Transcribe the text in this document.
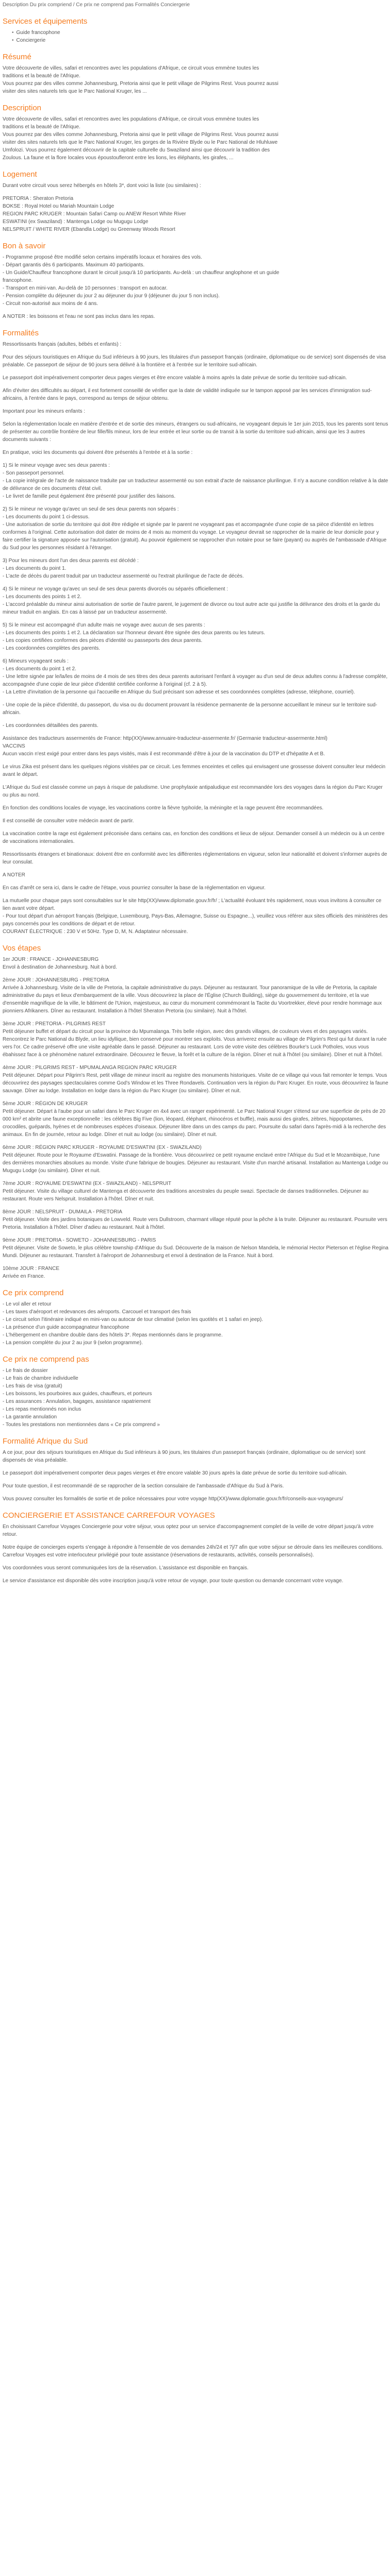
Description Du prix compriend / Ce prix ne comprend pas Formalités Conciergerie
Services et équipements
• Guide francophone
• Conciergerie
Résumé

Votre découverte de villes, safari et rencontres avec les populations d'Afrique, ce circuit vous emmène toutes les
traditions et la beauté de l'Afrique.
Vous pourrez par des villes comme Johannesburg, Pretoria ainsi que le petit village de Pilgrims Rest. Vous pourrez aussi
visiter des sites naturels tels que le Parc National Kruger, les ...

Description

Votre découverte de villes, safari et rencontres avec les populations d'Afrique, ce circuit vous emmène toutes les
traditions et la beauté de l'Afrique.
Vous pourrez par des villes comme Johannesburg, Pretoria ainsi que le petit village de Pilgrims Rest. Vous pourrez aussi
visiter des sites naturels tels que le Parc National Kruger, les gorges de la Rivière Blyde ou le Parc National de Hluhluwe
Umfolozi. Vous pourrez également découvrir de la capitale culturelle du Swaziland ainsi que découvrir la tradition des
Zoulous. La faune et la flore locales vous époustoufleront entre les lions, les éléphants, les girafes, ...

Logement

Durant votre circuit vous serez hébergés en hôtels 3*, dont voici la liste (ou similaires) :

PRETORIA : Sheraton Pretoria
BOKSE : Royal Hotel ou Mariah Mountain Lodge
REGION PARC KRUGER : Mountain Safari Camp ou ANEW Resort White River
ESWATINI (ex Swaziland) : Mantenga Lodge ou Mugugu Lodge
NELSPRUIT / WHITE RIVER (Ebandla Lodge) ou Greenway Woods Resort

Bon à savoir

- Programme proposé être modifié selon certains impératifs locaux et horaires des vols.
- Départ garantis dès 6 participants. Maximum 40 participants.
- Un Guide/Chauffeur francophone durant le circuit jusqu'à 10 participants. Au-delà : un chauffeur anglophone et un guide
francophone.
- Transport en mini-van. Au-delà de 10 personnes : transport en autocar.
- Pension complète du déjeuner du jour 2 au déjeuner du jour 9 (déjeuner du jour 5 non inclus).
- Circuit non-autorisé aux moins de 4 ans.

A NOTER : les boissons et l'eau ne sont pas inclus dans les repas.

Formalités

Ressortissants français (adultes, bébés et enfants) :

Pour des séjours touristiques en Afrique du Sud inférieurs à 90 jours, les titulaires d'un passeport français (ordinaire, diplomatique ou de service) sont dispensés de visa préalable. Ce passeport de séjour de 90 jours sera délivré à la frontière et à l'entrée sur le territoire sud-africain.

Le passeport doit impérativement comporter deux pages vierges et être encore valable à moins après la date prévue de sortie du territoire sud-africain.

Afin d'éviter des difficultés au départ, il est fortement conseillé de vérifier que la date de validité indiquée sur le tampon apposé par les services d'immigration sud-africains, à l'entrée dans le pays, correspond au temps de séjour obtenu.

Important pour les mineurs enfants :

Selon la réglementation locale en matière d'entrée et de sortie des mineurs, étrangers ou sud-africains, ne voyageant depuis le 1er juin 2015, tous les parents sont tenus de présenter au contrôle frontière de leur fille/fils mineur, lors de leur entrée et leur sortie ou de transit à la sortie du territoire sud-africain, ainsi que les 3 autres documents suivants :

En pratique, voici les documents qui doivent être présentés à l'entrée et à la sortie :

1) Si le mineur voyage avec ses deux parents :

- Son passeport personnel.

- La copie intégrale de l'acte de naissance traduite par un traducteur assermenté ou son extrait d'acte de naissance plurilingue. Il n'y a aucune condition relative à la date de délivrance de ces documents d'état civil.

- Le livret de famille peut également être présenté pour justifier des liaisons.

2) Si le mineur ne voyage qu'avec un seul de ses deux parents non séparés :

- Les documents du point 1 ci-dessus.

- Une autorisation de sortie du territoire qui doit être rédigée et signée par le parent ne voyageant pas et accompagnée d'une copie de sa pièce d'identité en lettres conformes à l'original. Cette autorisation doit dater de moins de 4 mois au moment du voyage. Le voyageur devrait se rapprocher de la mairie de leur domicile pour y faire certifier la signature apposée sur l'autorisation (gratuit). Au pouvoir également se rapprocher d'un notaire pour se faire (payant) ou auprès de l'ambassade d'Afrique du Sud pour les personnes résidant à l'étranger.

3) Pour les mineurs dont l'un des deux parents est décédé :

- Les documents du point 1.

- L'acte de décès du parent traduit par un traducteur assermenté ou l'extrait plurilingue de l'acte de décès.

4) Si le mineur ne voyage qu'avec un seul de ses deux parents divorcés ou séparés officiellement :

- Les documents des points 1 et 2.

- L'accord préalable du mineur ainsi autorisation de sortie de l'autre parent, le jugement de divorce ou tout autre acte qui justifie la délivrance des droits et la garde du mineur traduit en anglais. En cas à laissé par un traducteur assermenté.

5) Si le mineur est accompagné d'un adulte mais ne voyage avec aucun de ses parents :

- Les documents des points 1 et 2. La déclaration sur l'honneur devant être signée des deux parents ou les tuteurs.

- Les copies certifiées conformes des pièces d'identité ou passeports des deux parents.

- Les coordonnées complètes des parents.

6) Mineurs voyageant seuls :

- Les documents du point 1 et 2.

- Une lettre signée par le/la/les de moins de 4 mois de ses titres des deux parents autorisant l'enfant à voyager au d'un seul de deux adultes connu à l'adresse complète, accompagnée d'une copie de leur pièce d'identité certifiée conforme à l'original (cf. 2 à 5).

- La Lettre d'invitation de la personne qui l'accueille en Afrique du Sud précisant son adresse et ses coordonnées complètes (adresse, téléphone, courriel).

- Une copie de la pièce d'identité, du passeport, du visa ou du document prouvant la résidence permanente de la personne accueillant le mineur sur le territoire sud-africain.

- Les coordonnées détaillées des parents.

Assistance des traducteurs assermentés de France: http(XX)/www.annuaire-traducteur-assermente.fr/ (Germanie traducteur-assermente.html)

VACCINS

Aucun vaccin n'est exigé pour entrer dans les pays visités, mais il est recommandé d'être à jour de la vaccination du DTP et d'hépatite A et B.

Le virus Zika est présent dans les quelques régions visitées par ce circuit. Les femmes enceintes et celles qui envisagent une grossesse doivent consulter leur médecin avant le départ.

L'Afrique du Sud est classée comme un pays à risque de paludisme. Une prophylaxie antipaludique est recommandée lors des voyages dans la région du Parc Kruger ou plus au nord.

En fonction des conditions locales de voyage, les vaccinations contre la fièvre typhoïde, la méningite et la rage peuvent être recommandées.

Il est conseillé de consulter votre médecin avant de partir.

La vaccination contre la rage est également préconisée dans certains cas, en fonction des conditions et lieux de séjour. Demander conseil à un médecin ou à un centre de vaccinations internationales.

Ressortissants étrangers et binationaux: doivent être en conformité avec les différentes réglementations en vigueur, selon leur nationalité et doivent s'informer auprès de leur consulat.

A NOTER

En cas d'arrêt ce sera ici, dans le cadre de l'étape, vous pourriez consulter la base de la réglementation en vigueur.

La mutuelle pour chaque pays sont consultables sur le site http(XX)/www.diplomatie.gouv.fr/fr/ ; L'actualité évoluant très rapidement, nous vous invitons à consulter ce lien avant votre départ.

- Pour tout départ d'un aéroport français (Belgique, Luxembourg, Pays-Bas, Allemagne, Suisse ou Espagne...), veuillez vous référer aux sites officiels des ministères des pays concernés pour les conditions de départ et de retour.

COURANT ÉLECTRIQUE : 230 V et 50Hz. Type D, M, N. Adaptateur nécessaire.

Vos étapes

1er JOUR : FRANCE - JOHANNESBURG

Envol à destination de Johannesburg. Nuit à bord.

2ème JOUR : JOHANNESBURG - PRETORIA

Arrivée à Johannesburg. Visite de la ville de Pretoria, la capitale administrative du pays. Déjeuner au restaurant. Tour panoramique de la ville de Pretoria, la capitale administrative du pays et lieux d'embarquement de la ville. Vous découvrirez la place de l'Église (Church Building), siège du gouvernement du territoire, et la vue d'ensemble magnifique de la ville, le bâtiment de l'Union, majestueux, au cœur du monument commémorant la Tacite du Voortrekker, élevé pour rendre hommage aux pionniers Afrikaners. Dîner au restaurant. Installation à l'hôtel Sheraton Pretoria (ou similaire). Nuit à l'hôtel.

3ème JOUR : PRETORIA - PILGRIMS REST

Petit déjeuner buffet et départ du circuit pour la province du Mpumalanga. Très belle région, avec des grands villages, de couleurs vives et des paysages variés. Rencontrez le Parc National du Blyde, un lieu idyllique, bien conservé pour montrer ses exploits. Vous arriverez ensuite au village de Pilgrim's Rest qui fut durant la ruée vers l'or. Ce cadre préservé offre une visite agréable dans le passé. Déjeuner au restaurant. Lors de votre visite des célèbres Bourke's Luck Potholes, vous vous ébahissez face à ce phénomène naturel extraordinaire. Découvrez le fleuve, la forêt et la culture de la région. Dîner et nuit à l'hôtel (ou similaire). Dîner et nuit à l'hôtel.

4ème JOUR : PILGRIMS REST - MPUMALANGA REGION PARC KRUGER

Petit déjeuner. Départ pour Pilgrim's Rest, petit village de mineur inscrit au registre des monuments historiques. Visite de ce village qui vous fait remonter le temps. Vous découvrirez des paysages spectaculaires comme God's Window et les Three Rondavels. Continuation vers la région du Parc Kruger. En route, vous découvrirez la faune sauvage. Dîner au lodge. Installation en lodge dans la région du Parc Kruger (ou similaire). Dîner et nuit.

5ème JOUR : RÉGION DE KRUGER

Petit déjeuner. Départ à l'aube pour un safari dans le Parc Kruger en 4x4 avec un ranger expérimenté. Le Parc National Kruger s'étend sur une superficie de près de 20 000 km² et abrite une faune exceptionnelle : les célèbres Big Five (lion, léopard, éléphant, rhinocéros et buffle), mais aussi des girafes, zèbres, hippopotames, crocodiles, guépards, hyènes et de nombreuses espèces d'oiseaux. Déjeuner libre dans un des camps du parc. Poursuite du safari dans l'après-midi à la recherche des animaux. En fin de journée, retour au lodge. Dîner et nuit au lodge (ou similaire). Dîner et nuit.

6ème JOUR : RÉGION PARC KRUGER - ROYAUME D'ESWATINI (EX - SWAZILAND)

Petit déjeuner. Route pour le Royaume d'Eswatini. Passage de la frontière. Vous découvrirez ce petit royaume enclavé entre l'Afrique du Sud et le Mozambique, l'une des dernières monarchies absolues au monde. Visite d'une fabrique de bougies. Déjeuner au restaurant. Visite d'un marché artisanal. Installation au Mantenga Lodge ou Mugugu Lodge (ou similaire). Dîner et nuit.

7ème JOUR : ROYAUME D'ESWATINI (EX - SWAZILAND) - NELSPRUIT

Petit déjeuner. Visite du village culturel de Mantenga et découverte des traditions ancestrales du peuple swazi. Spectacle de danses traditionnelles. Déjeuner au restaurant. Route vers Nelspruit. Installation à l'hôtel. Dîner et nuit.

8ème JOUR : NELSPRUIT - DUMAILA - PRETORIA

Petit déjeuner. Visite des jardins botaniques de Lowveld. Route vers Dullstroom, charmant village réputé pour la pêche à la truite. Déjeuner au restaurant. Poursuite vers Pretoria. Installation à l'hôtel. Dîner d'adieu au restaurant. Nuit à l'hôtel.

9ème JOUR : PRETORIA - SOWETO - JOHANNESBURG - PARIS

Petit déjeuner. Visite de Soweto, le plus célèbre township d'Afrique du Sud. Découverte de la maison de Nelson Mandela, le mémorial Hector Pieterson et l'église Regina Mundi. Déjeuner au restaurant. Transfert à l'aéroport de Johannesburg et envol à destination de la France. Nuit à bord.

10ème JOUR : FRANCE

Arrivée en France.

Ce prix comprend

- Le vol aller et retour
- Les taxes d'aéroport et redevances des aéroports. Carcouel et transport des frais
- Le circuit selon l'itinéraire indiqué en mini-van ou autocar de tour climatisé (selon les quotités et 1 safari en jeep).
- La présence d'un guide accompagnateur francophone
- L'hébergement en chambre double dans des hôtels 3*. Repas mentionnés dans le programme.
- La pension complète du jour 2 au jour 9 (selon programme).

Ce prix ne comprend pas

- Le frais de dossier
- Le frais de chambre individuelle
- Les frais de visa (gratuit)
- Les boissons, les pourboires aux guides, chauffeurs, et porteurs
- Les assurances : Annulation, bagages, assistance rapatriement
- Les repas mentionnés non inclus
- La garantie annulation
- Toutes les prestations non mentionnées dans « Ce prix comprend »

Formalité Afrique du Sud

A ce jour, pour des séjours touristiques en Afrique du Sud inférieurs à 90 jours, les titulaires d'un passeport français (ordinaire, diplomatique ou de service) sont dispensés de visa préalable.

Le passeport doit impérativement comporter deux pages vierges et être encore valable 30 jours après la date prévue de sortie du territoire sud-africain.

Pour toute question, il est recommandé de se rapprocher de la section consulaire de l'ambassade d'Afrique du Sud à Paris.

Vous pouvez consulter les formalités de sortie et de police nécessaires pour votre voyage http(XX)/www.diplomatie.gouv.fr/fr/conseils-aux-voyageurs/

CONCIERGERIE ET ASSISTANCE CARREFOUR VOYAGES

En choisissant Carrefour Voyages Conciergerie pour votre séjour, vous optez pour un service d'accompagnement complet de la veille de votre départ jusqu'à votre retour.

Notre équipe de concierges experts s'engage à répondre à l'ensemble de vos demandes 24h/24 et 7j/7 afin que votre séjour se déroule dans les meilleures conditions. Carrefour Voyages est votre interlocuteur privilégié pour toute assistance (réservations de restaurants, activités, conseils personnalisés).

Vos coordonnées vous seront communiquées lors de la réservation. L'assistance est disponible en français.

Le service d'assistance est disponible dès votre inscription jusqu'à votre retour de voyage, pour toute question ou demande concernant votre voyage.
